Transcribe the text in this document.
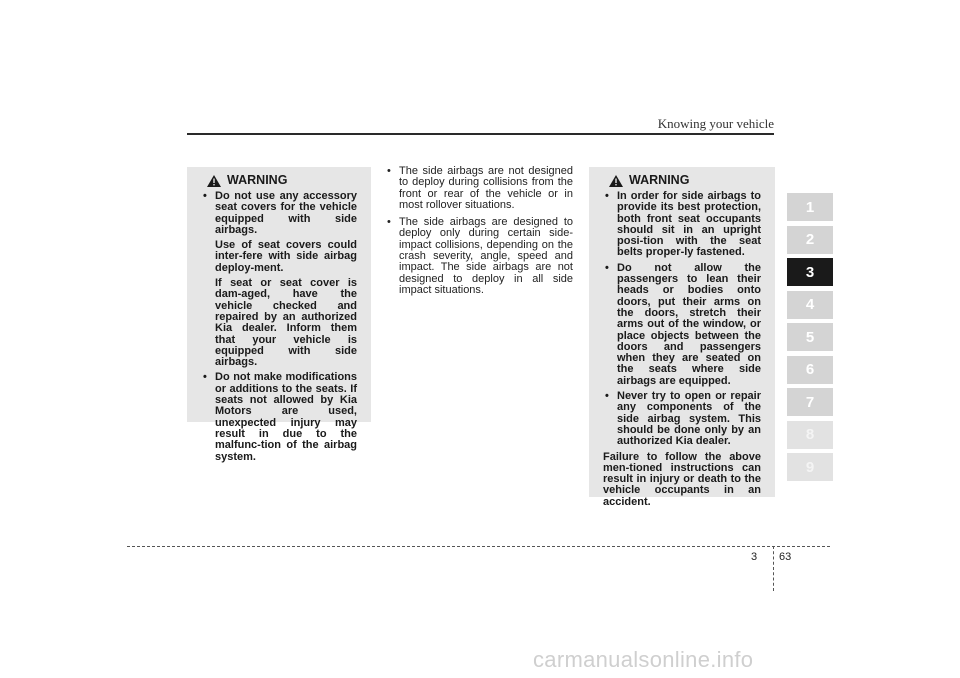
Knowing your vehicle
WARNING
• Do not use any accessory seat covers for the vehicle equipped with side airbags.
Use of seat covers could inter-fere with side airbag deploy-ment.
If seat or seat cover is dam-aged, have the vehicle checked and repaired by an authorized Kia dealer. Inform them that your vehicle is equipped with side airbags.
• Do not make modifications or additions to the seats. If seats not allowed by Kia Motors are used, unexpected injury may result in due to the malfunc-tion of the airbag system.
• The side airbags are not designed to deploy during collisions from the front or rear of the vehicle or in most rollover situations.
• The side airbags are designed to deploy only during certain side-impact collisions, depending on the crash severity, angle, speed and impact. The side airbags are not designed to deploy in all side impact situations.
WARNING
• In order for side airbags to provide its best protection, both front seat occupants should sit in an upright posi-tion with the seat belts proper-ly fastened.
• Do not allow the passengers to lean their heads or bodies onto doors, put their arms on the doors, stretch their arms out of the window, or place objects between the doors and passengers when they are seated on the seats where side airbags are equipped.
• Never try to open or repair any components of the side airbag system. This should be done only by an authorized Kia dealer.
Failure to follow the above men-tioned instructions can result in injury or death to the vehicle occupants in an accident.
1
2
3
4
5
6
7
8
9
3 63
carmanualsonline.info
